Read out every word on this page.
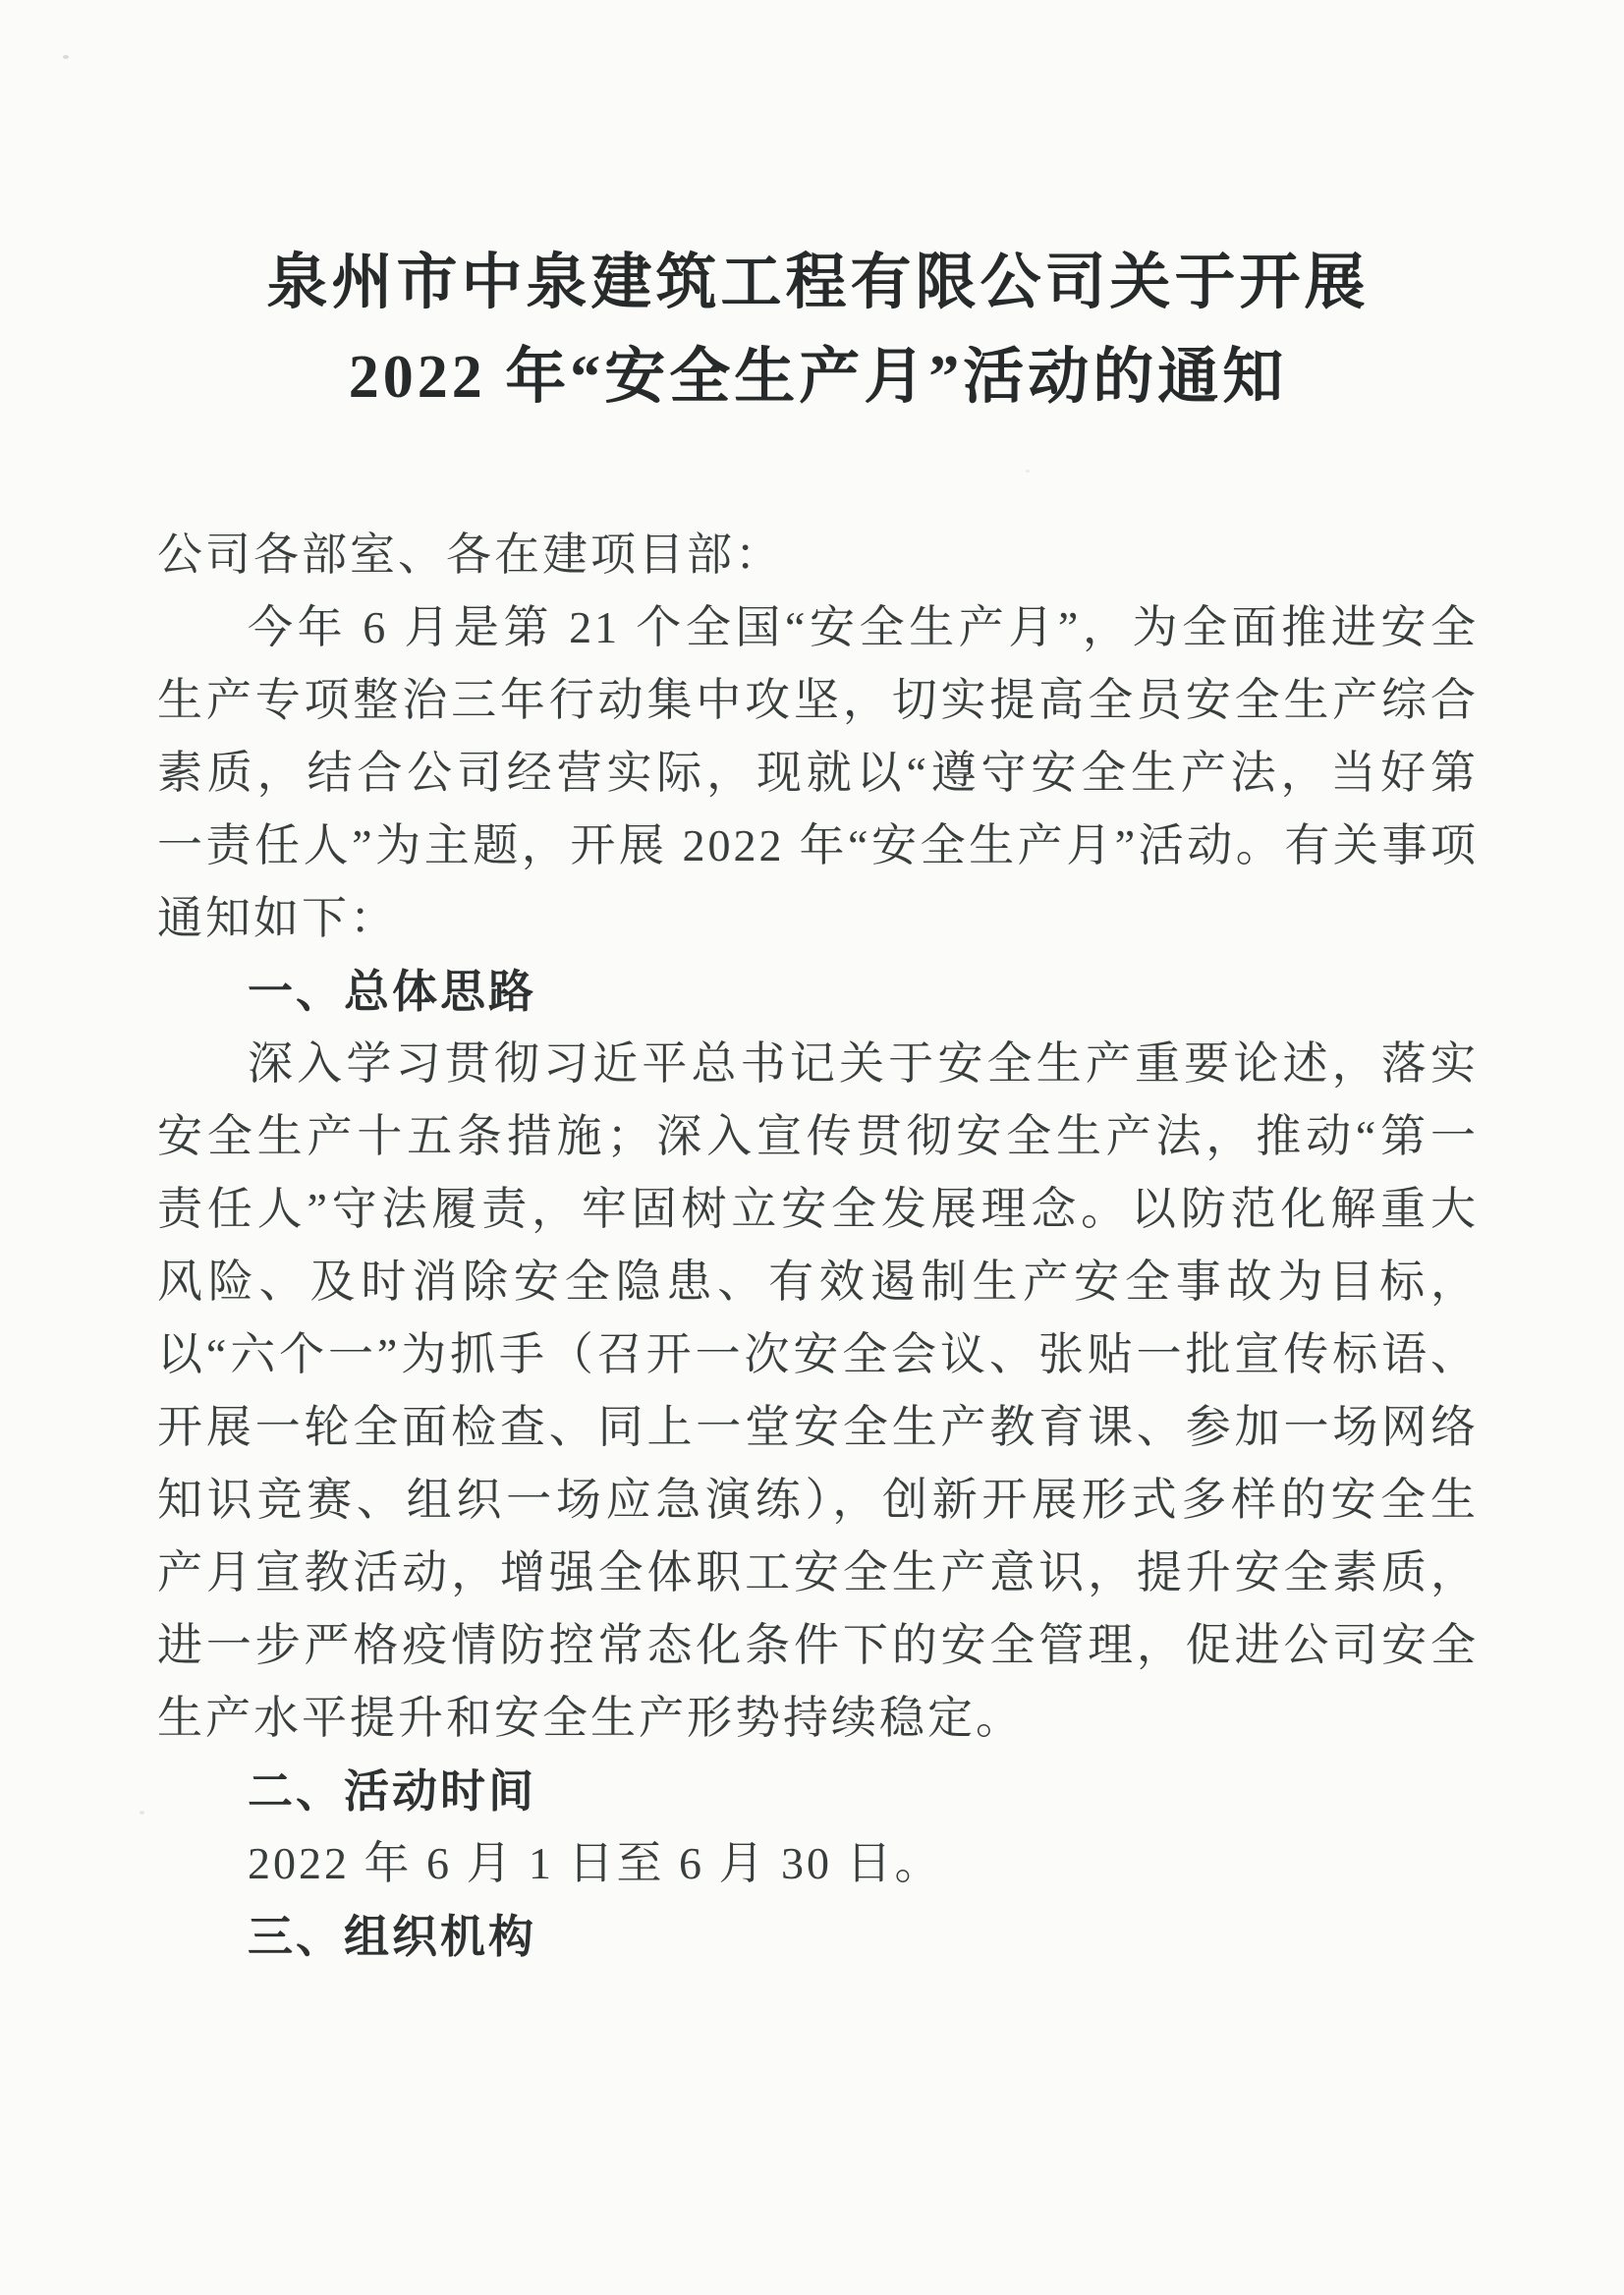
泉州市中泉建筑工程有限公司关于开展
2022 年“安全生产月”活动的通知

公司各部室、各在建项目部：

今年 6 月是第 21 个全国“安全生产月”，为全面推进安全生产专项整治三年行动集中攻坚，切实提高全员安全生产综合素质，结合公司经营实际，现就以“遵守安全生产法，当好第一责任人”为主题，开展 2022 年“安全生产月”活动。有关事项通知如下：

一、总体思路

深入学习贯彻习近平总书记关于安全生产重要论述，落实安全生产十五条措施；深入宣传贯彻安全生产法，推动“第一责任人”守法履责，牢固树立安全发展理念。以防范化解重大风险、及时消除安全隐患、有效遏制生产安全事故为目标，以“六个一”为抓手（召开一次安全会议、张贴一批宣传标语、开展一轮全面检查、同上一堂安全生产教育课、参加一场网络知识竞赛、组织一场应急演练），创新开展形式多样的安全生产月宣教活动，增强全体职工安全生产意识，提升安全素质，进一步严格疫情防控常态化条件下的安全管理，促进公司安全生产水平提升和安全生产形势持续稳定。

二、活动时间

2022 年 6 月 1 日至 6 月 30 日。

三、组织机构
